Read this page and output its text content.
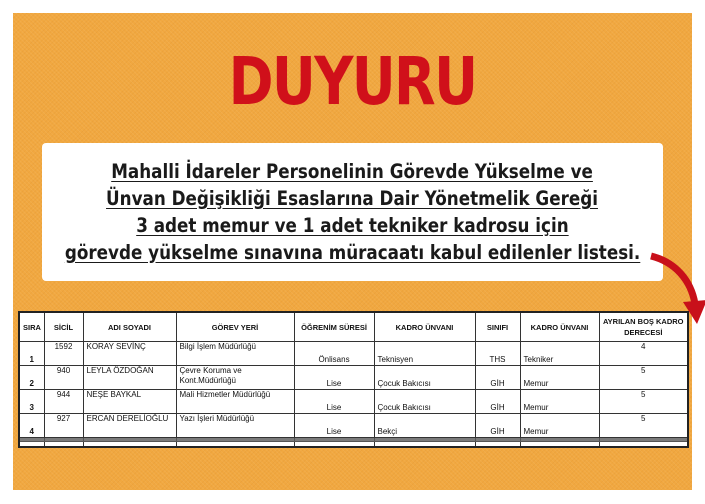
DUYURU
Mahalli İdareler Personelinin Görevde Yükselme ve
Ünvan Değişikliği Esaslarına Dair Yönetmelik Gereği
3 adet memur ve 1 adet tekniker kadrosu için
görevde yükselme sınavına müracaatı kabul edilenler listesi.
SIRA	SİCİL	ADI SOYADI	GÖREV YERİ	ÖĞRENİM SÜRESİ	KADRO ÜNVANI	SINIFI	KADRO ÜNVANI	AYRILAN BOŞ KADRO DERECESİ
1	1592	KORAY SEVİNÇ	Bilgi İşlem Müdürlüğü	Önlisans	Teknisyen	THS	Tekniker	4
2	940	LEYLA ÖZDOĞAN	Çevre Koruma ve Kont.Müdürlüğü	Lise	Çocuk Bakıcısı	GİH	Memur	5
3	944	NEŞE BAYKAL	Mali Hizmetler Müdürlüğü	Lise	Çocuk Bakıcısı	GİH	Memur	5
4	927	ERCAN DERELİOĞLU	Yazı İşleri Müdürlüğü	Lise	Bekçi	GİH	Memur	5
